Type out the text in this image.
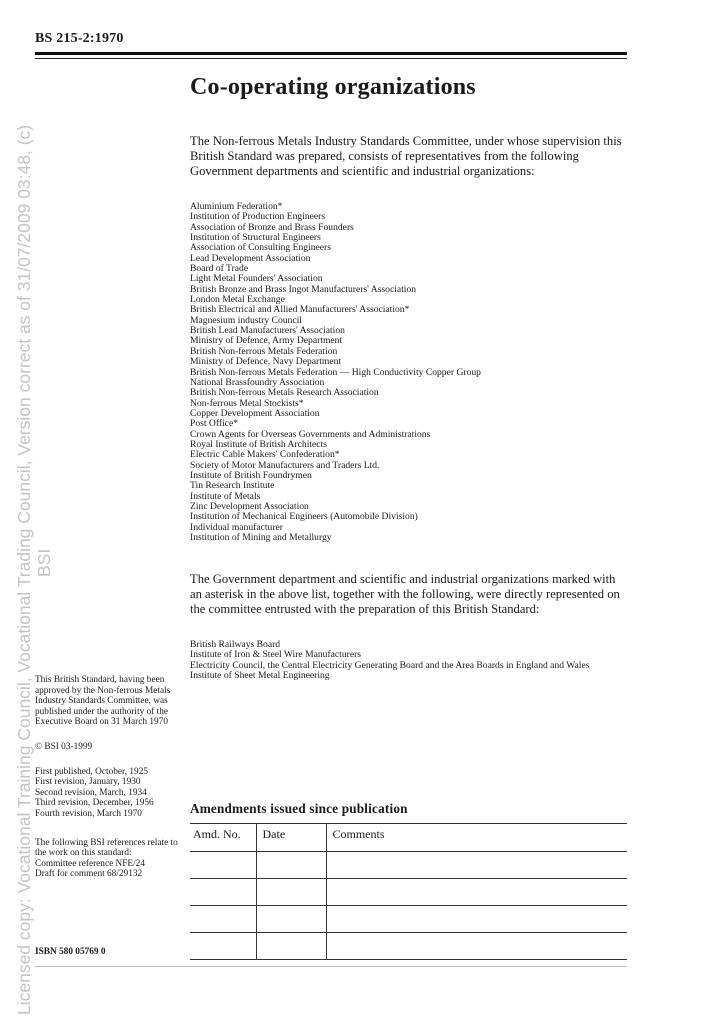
Licensed copy: Vocational Training Council, Vocational Trading Council, Version correct as of 31/07/2009 03:48, (c) BSI
BS 215-2:1970
Co-operating organizations

The Non-ferrous Metals Industry Standards Committee, under whose supervision this British Standard was prepared, consists of representatives from the following Government departments and scientific and industrial organizations:

Aluminium Federation*
Institution of Production Engineers
Association of Bronze and Brass Founders
Institution of Structural Engineers
Association of Consulting Engineers
Lead Development Association
Board of Trade
Light Metal Founders' Association
British Bronze and Brass Ingot Manufacturers' Association
London Metal Exchange
British Electrical and Allied Manufacturers' Association*
Magnesium industry Council
British Lead Manufacturers' Association
Ministry of Defence, Army Department
British Non-ferrous Metals Federation
Ministry of Defence, Navy Department
British Non-ferrous Metals Federation — High Conductivity Copper Group
National Brassfoundry Association
British Non-ferrous Metals Research Association
Non-ferrous Metal Stockists*
Copper Development Association
Post Office*
Crown Agents for Overseas Governments and Administrations
Royal Institute of British Architects
Electric Cable Makers' Confederation*
Society of Motor Manufacturers and Traders Ltd.
Institute of British Foundrymen
Tin Research Institute
Institute of Metals
Zinc Development Association
Institution of Mechanical Engineers (Automobile Division)
Individual manufacturer
Institution of Mining and Metallurgy

The Government department and scientific and industrial organizations marked with an asterisk in the above list, together with the following, were directly represented on the committee entrusted with the preparation of this British Standard:

British Railways Board
Institute of Iron & Steel Wire Manufacturers
Electricity Council, the Central Electricity Generating Board and the Area Boards in England and Wales
Institute of Sheet Metal Engineering

This British Standard, having been approved by the Non-ferrous Metals Industry Standards Committee, was published under the authority of the Executive Board on 31 March 1970

© BSI 03-1999

First published, October, 1925
First revision, January, 1930
Second revision, March, 1934
Third revision, December, 1956
Fourth revision, March 1970

The following BSI references relate to the work on this standard:

Committee reference NFE/24
Draft for comment 68/29132
ISBN 580 05769 0
Amendments issued since publication
Amd. No.	Date	Comments
